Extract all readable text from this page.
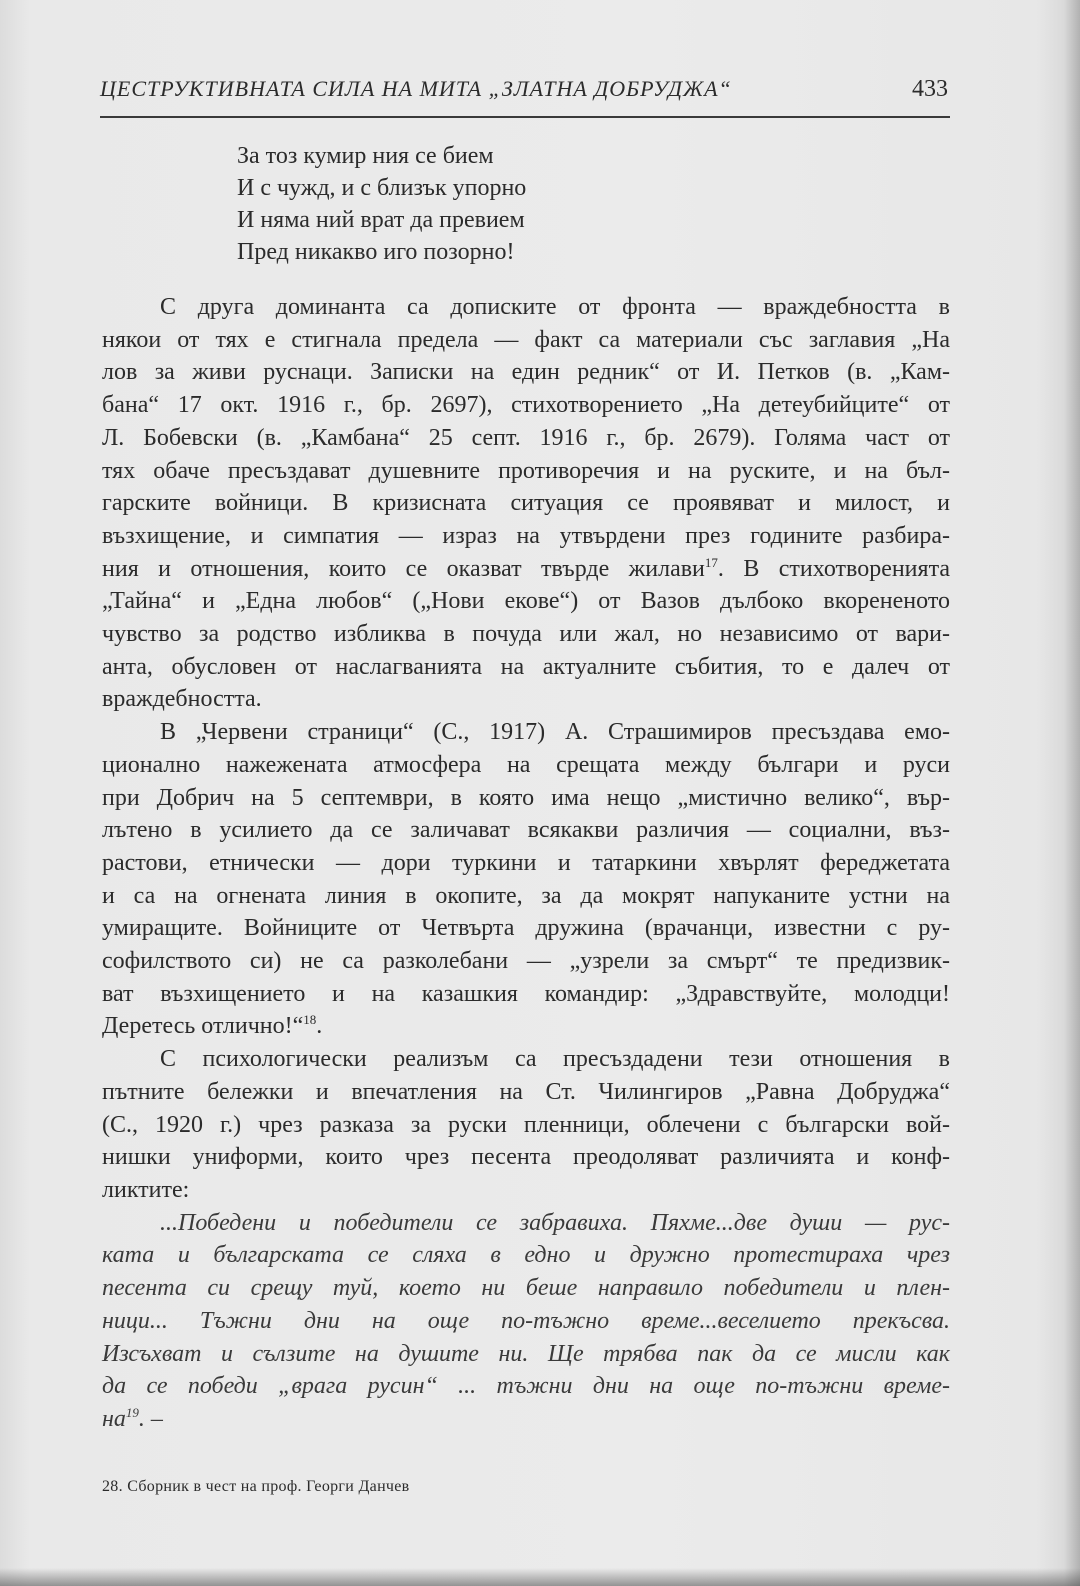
ЦЕСТРУКТИВНАТА СИЛА НА МИТА „ЗЛАТНА ДОБРУДЖА“	433
За тоз кумир ния се бием
И с чужд, и с близък упорно
И няма ний врат да превием
Пред никакво иго позорно!

С друга доминанта са дописките от фронта — враждебността в
някои от тях е стигнала предела — факт са материали със заглавия „На
лов за живи руснаци. Записки на един редник“ от И. Петков (в. „Кам-
бана“ 17 окт. 1916 г., бр. 2697), стихотворението „На детеубийците“ от
Л. Бобевски (в. „Камбана“ 25 септ. 1916 г., бр. 2679). Голяма част от
тях обаче пресъздават душевните противоречия и на руските, и на бъл-
гарските войници. В кризисната ситуация се проявяват и милост, и
възхищение, и симпатия — израз на утвърдени през годините разбира-
ния и отношения, които се оказват твърде жилави$^{17}$. В стихотворенията
„Тайна“ и „Една любов“ („Нови екове“) от Вазов дълбоко вкорененото
чувство за родство избликва в почуда или жал, но независимо от вари-
анта, обусловен от наслагванията на актуалните събития, то е далеч от
враждебността.

В „Червени страници“ (С., 1917) А. Страшимиров пресъздава емо-
ционално нажежената атмосфера на срещата между българи и руси
при Добрич на 5 септември, в която има нещо „мистично велико“, вър-
лътено в усилието да се заличават всякакви различия — социални, въз-
растови, етнически — дори туркини и татаркини хвърлят фереджетата
и са на огнената линия в окопите, за да мокрят напуканите устни на
умиращите. Войниците от Четвърта дружина (врачанци, известни с ру-
софилството си) не са разколебани — „узрели за смърт“ те предизвик-
ват възхищението и на казашкия командир: „Здравствуйте, молодци!
Деретесь отлично!“$^{18}$.

С психологически реализъм са пресъздадени тези отношения в
пътните бележки и впечатления на Ст. Чилингиров „Равна Добруджа“
(С., 1920 г.) чрез разказа за руски пленници, облечени с български вой-
нишки униформи, които чрез песента преодоляват различията и конф-
ликтите:

...Победени и победители се забравиха. Пяхме...две души — рус-
ката и българската се сляха в едно и дружно протестираха чрез
песента си срещу туй, което ни беше направило победители и плен-
ници... Тъжни дни на още по-тъжно време...веселието прекъсва.
Изсъхват и сълзите на душите ни. Ще трябва пак да се мисли как
да се победи „врага русин“ ... тъжни дни на още по-тъжни време-
$на^{19}$. –

28. Сборник в чест на проф. Георги Данчев
